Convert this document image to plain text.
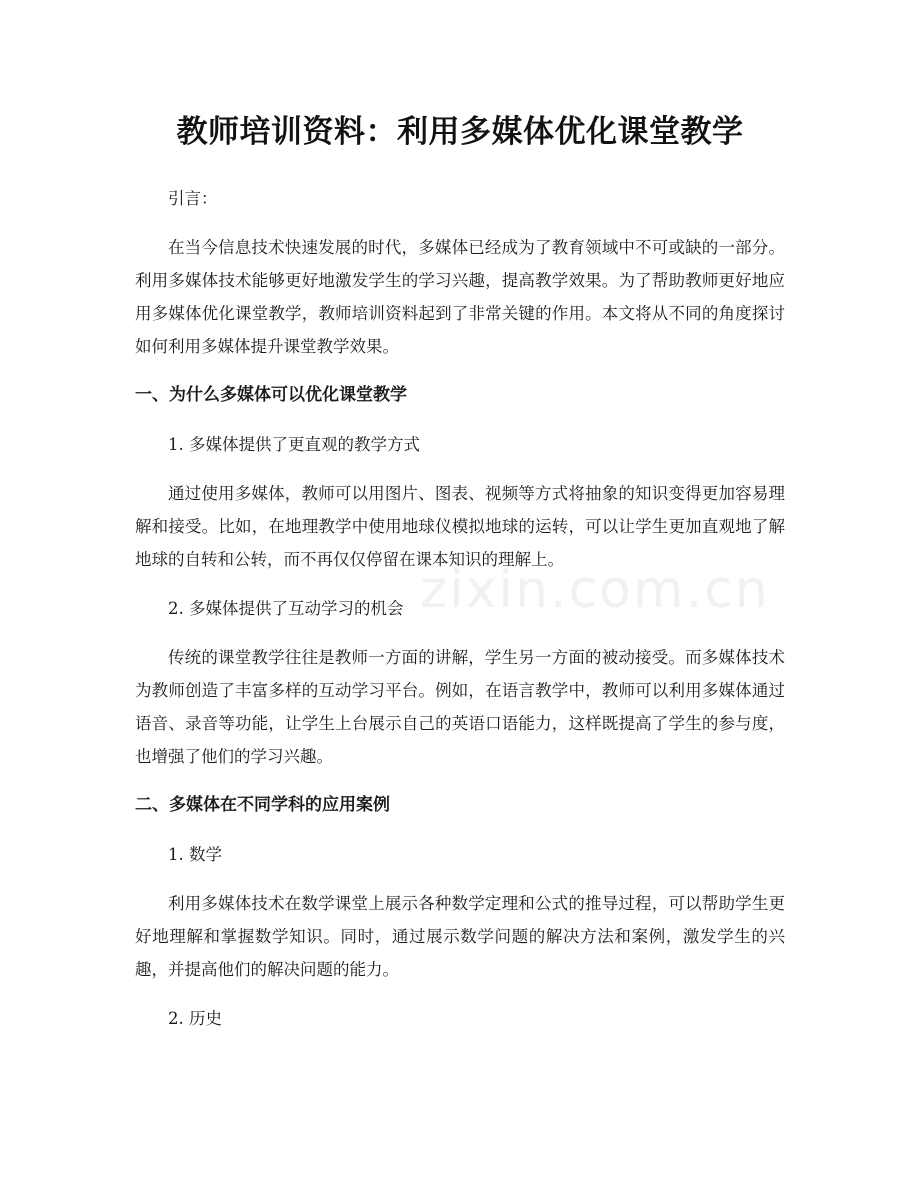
教师培训资料：利用多媒体优化课堂教学

引言：

在当今信息技术快速发展的时代，多媒体已经成为了教育领域中不可或缺的一部分。利用多媒体技术能够更好地激发学生的学习兴趣，提高教学效果。为了帮助教师更好地应用多媒体优化课堂教学，教师培训资料起到了非常关键的作用。本文将从不同的角度探讨如何利用多媒体提升课堂教学效果。

一、为什么多媒体可以优化课堂教学

1. 多媒体提供了更直观的教学方式

通过使用多媒体，教师可以用图片、图表、视频等方式将抽象的知识变得更加容易理解和接受。比如，在地理教学中使用地球仪模拟地球的运转，可以让学生更加直观地了解地球的自转和公转，而不再仅仅停留在课本知识的理解上。

2. 多媒体提供了互动学习的机会

传统的课堂教学往往是教师一方面的讲解，学生另一方面的被动接受。而多媒体技术为教师创造了丰富多样的互动学习平台。例如，在语言教学中，教师可以利用多媒体通过语音、录音等功能，让学生上台展示自己的英语口语能力，这样既提高了学生的参与度，也增强了他们的学习兴趣。

二、多媒体在不同学科的应用案例

1. 数学

利用多媒体技术在数学课堂上展示各种数学定理和公式的推导过程，可以帮助学生更好地理解和掌握数学知识。同时，通过展示数学问题的解决方法和案例，激发学生的兴趣，并提高他们的解决问题的能力。

2. 历史

zixin.com.cn
